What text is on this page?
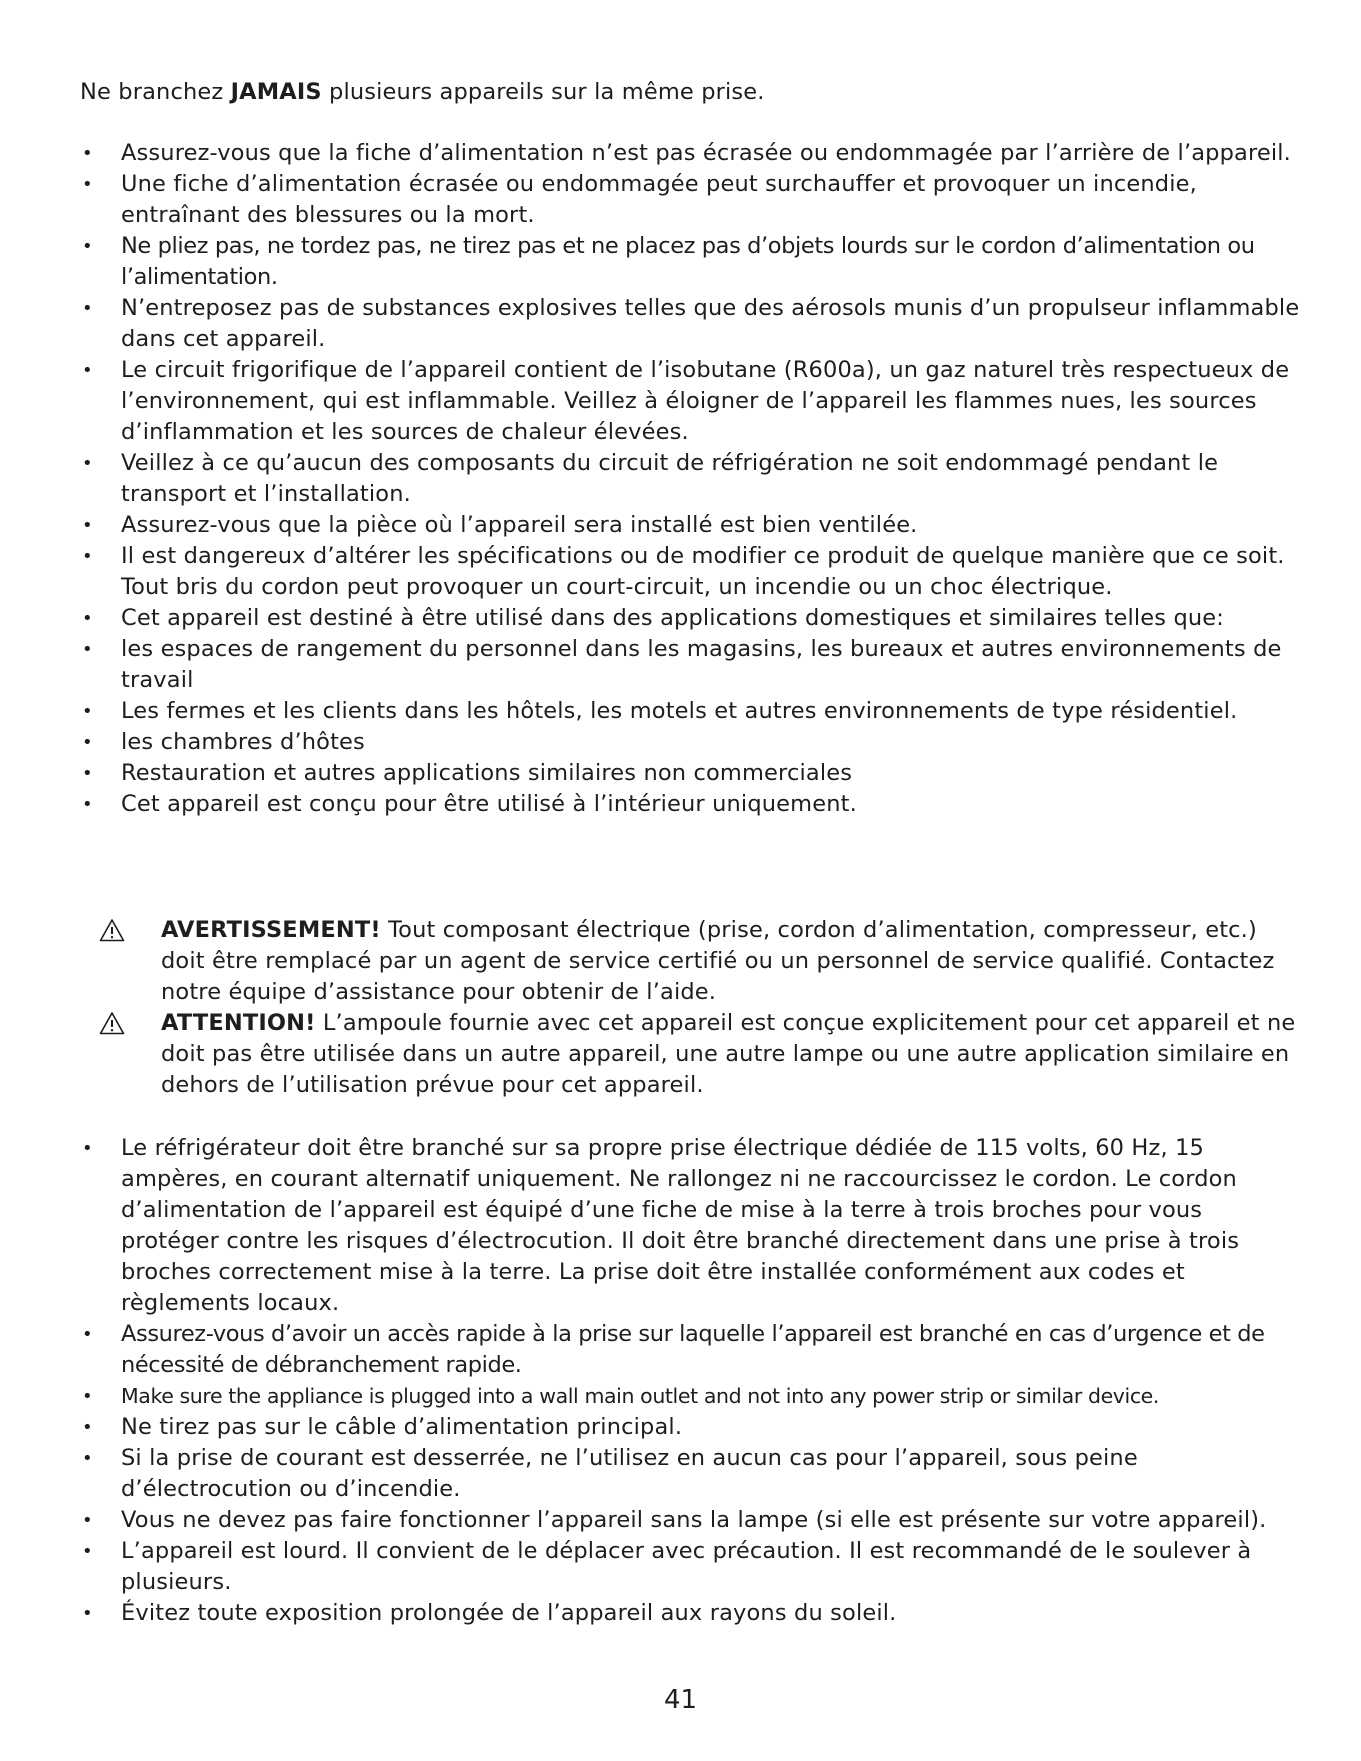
Ne branchez JAMAIS plusieurs appareils sur la même prise.

• Assurez-vous que la fiche d’alimentation n’est pas écrasée ou endommagée par l’arrière de l’appareil.
• Une fiche d’alimentation écrasée ou endommagée peut surchauffer et provoquer un incendie, entraînant des blessures ou la mort.
• Ne pliez pas, ne tordez pas, ne tirez pas et ne placez pas d’objets lourds sur le cordon d’alimentation ou l’alimentation.
• N’entreposez pas de substances explosives telles que des aérosols munis d’un propulseur inflammable dans cet appareil.
• Le circuit frigorifique de l’appareil contient de l’isobutane (R600a), un gaz naturel très respectueux de l’environnement, qui est inflammable. Veillez à éloigner de l’appareil les flammes nues, les sources d’inflammation et les sources de chaleur élevées.
• Veillez à ce qu’aucun des composants du circuit de réfrigération ne soit endommagé pendant le transport et l’installation.
• Assurez-vous que la pièce où l’appareil sera installé est bien ventilée.
• Il est dangereux d’altérer les spécifications ou de modifier ce produit de quelque manière que ce soit. Tout bris du cordon peut provoquer un court-circuit, un incendie ou un choc électrique.
• Cet appareil est destiné à être utilisé dans des applications domestiques et similaires telles que:
• les espaces de rangement du personnel dans les magasins, les bureaux et autres environnements de travail
• Les fermes et les clients dans les hôtels, les motels et autres environnements de type résidentiel.
• les chambres d’hôtes
• Restauration et autres applications similaires non commerciales
• Cet appareil est conçu pour être utilisé à l’intérieur uniquement.
AVERTISSEMENT! Tout composant électrique (prise, cordon d’alimentation, compresseur, etc.) doit être remplacé par un agent de service certifié ou un personnel de service qualifié. Contactez notre équipe d’assistance pour obtenir de l’aide.
ATTENTION! L’ampoule fournie avec cet appareil est conçue explicitement pour cet appareil et ne doit pas être utilisée dans un autre appareil, une autre lampe ou une autre application similaire en dehors de l’utilisation prévue pour cet appareil.
• Le réfrigérateur doit être branché sur sa propre prise électrique dédiée de 115 volts, 60 Hz, 15 ampères, en courant alternatif uniquement. Ne rallongez ni ne raccourcissez le cordon. Le cordon d’alimentation de l’appareil est équipé d’une fiche de mise à la terre à trois broches pour vous protéger contre les risques d’électrocution. Il doit être branché directement dans une prise à trois broches correctement mise à la terre. La prise doit être installée conformément aux codes et règlements locaux.
• Assurez-vous d’avoir un accès rapide à la prise sur laquelle l’appareil est branché en cas d’urgence et de nécessité de débranchement rapide.
• Make sure the appliance is plugged into a wall main outlet and not into any power strip or similar device.
• Ne tirez pas sur le câble d’alimentation principal.
• Si la prise de courant est desserrée, ne l’utilisez en aucun cas pour l’appareil, sous peine d’électrocution ou d’incendie.
• Vous ne devez pas faire fonctionner l’appareil sans la lampe (si elle est présente sur votre appareil).
• L’appareil est lourd. Il convient de le déplacer avec précaution. Il est recommandé de le soulever à plusieurs.
• Évitez toute exposition prolongée de l’appareil aux rayons du soleil.
41
